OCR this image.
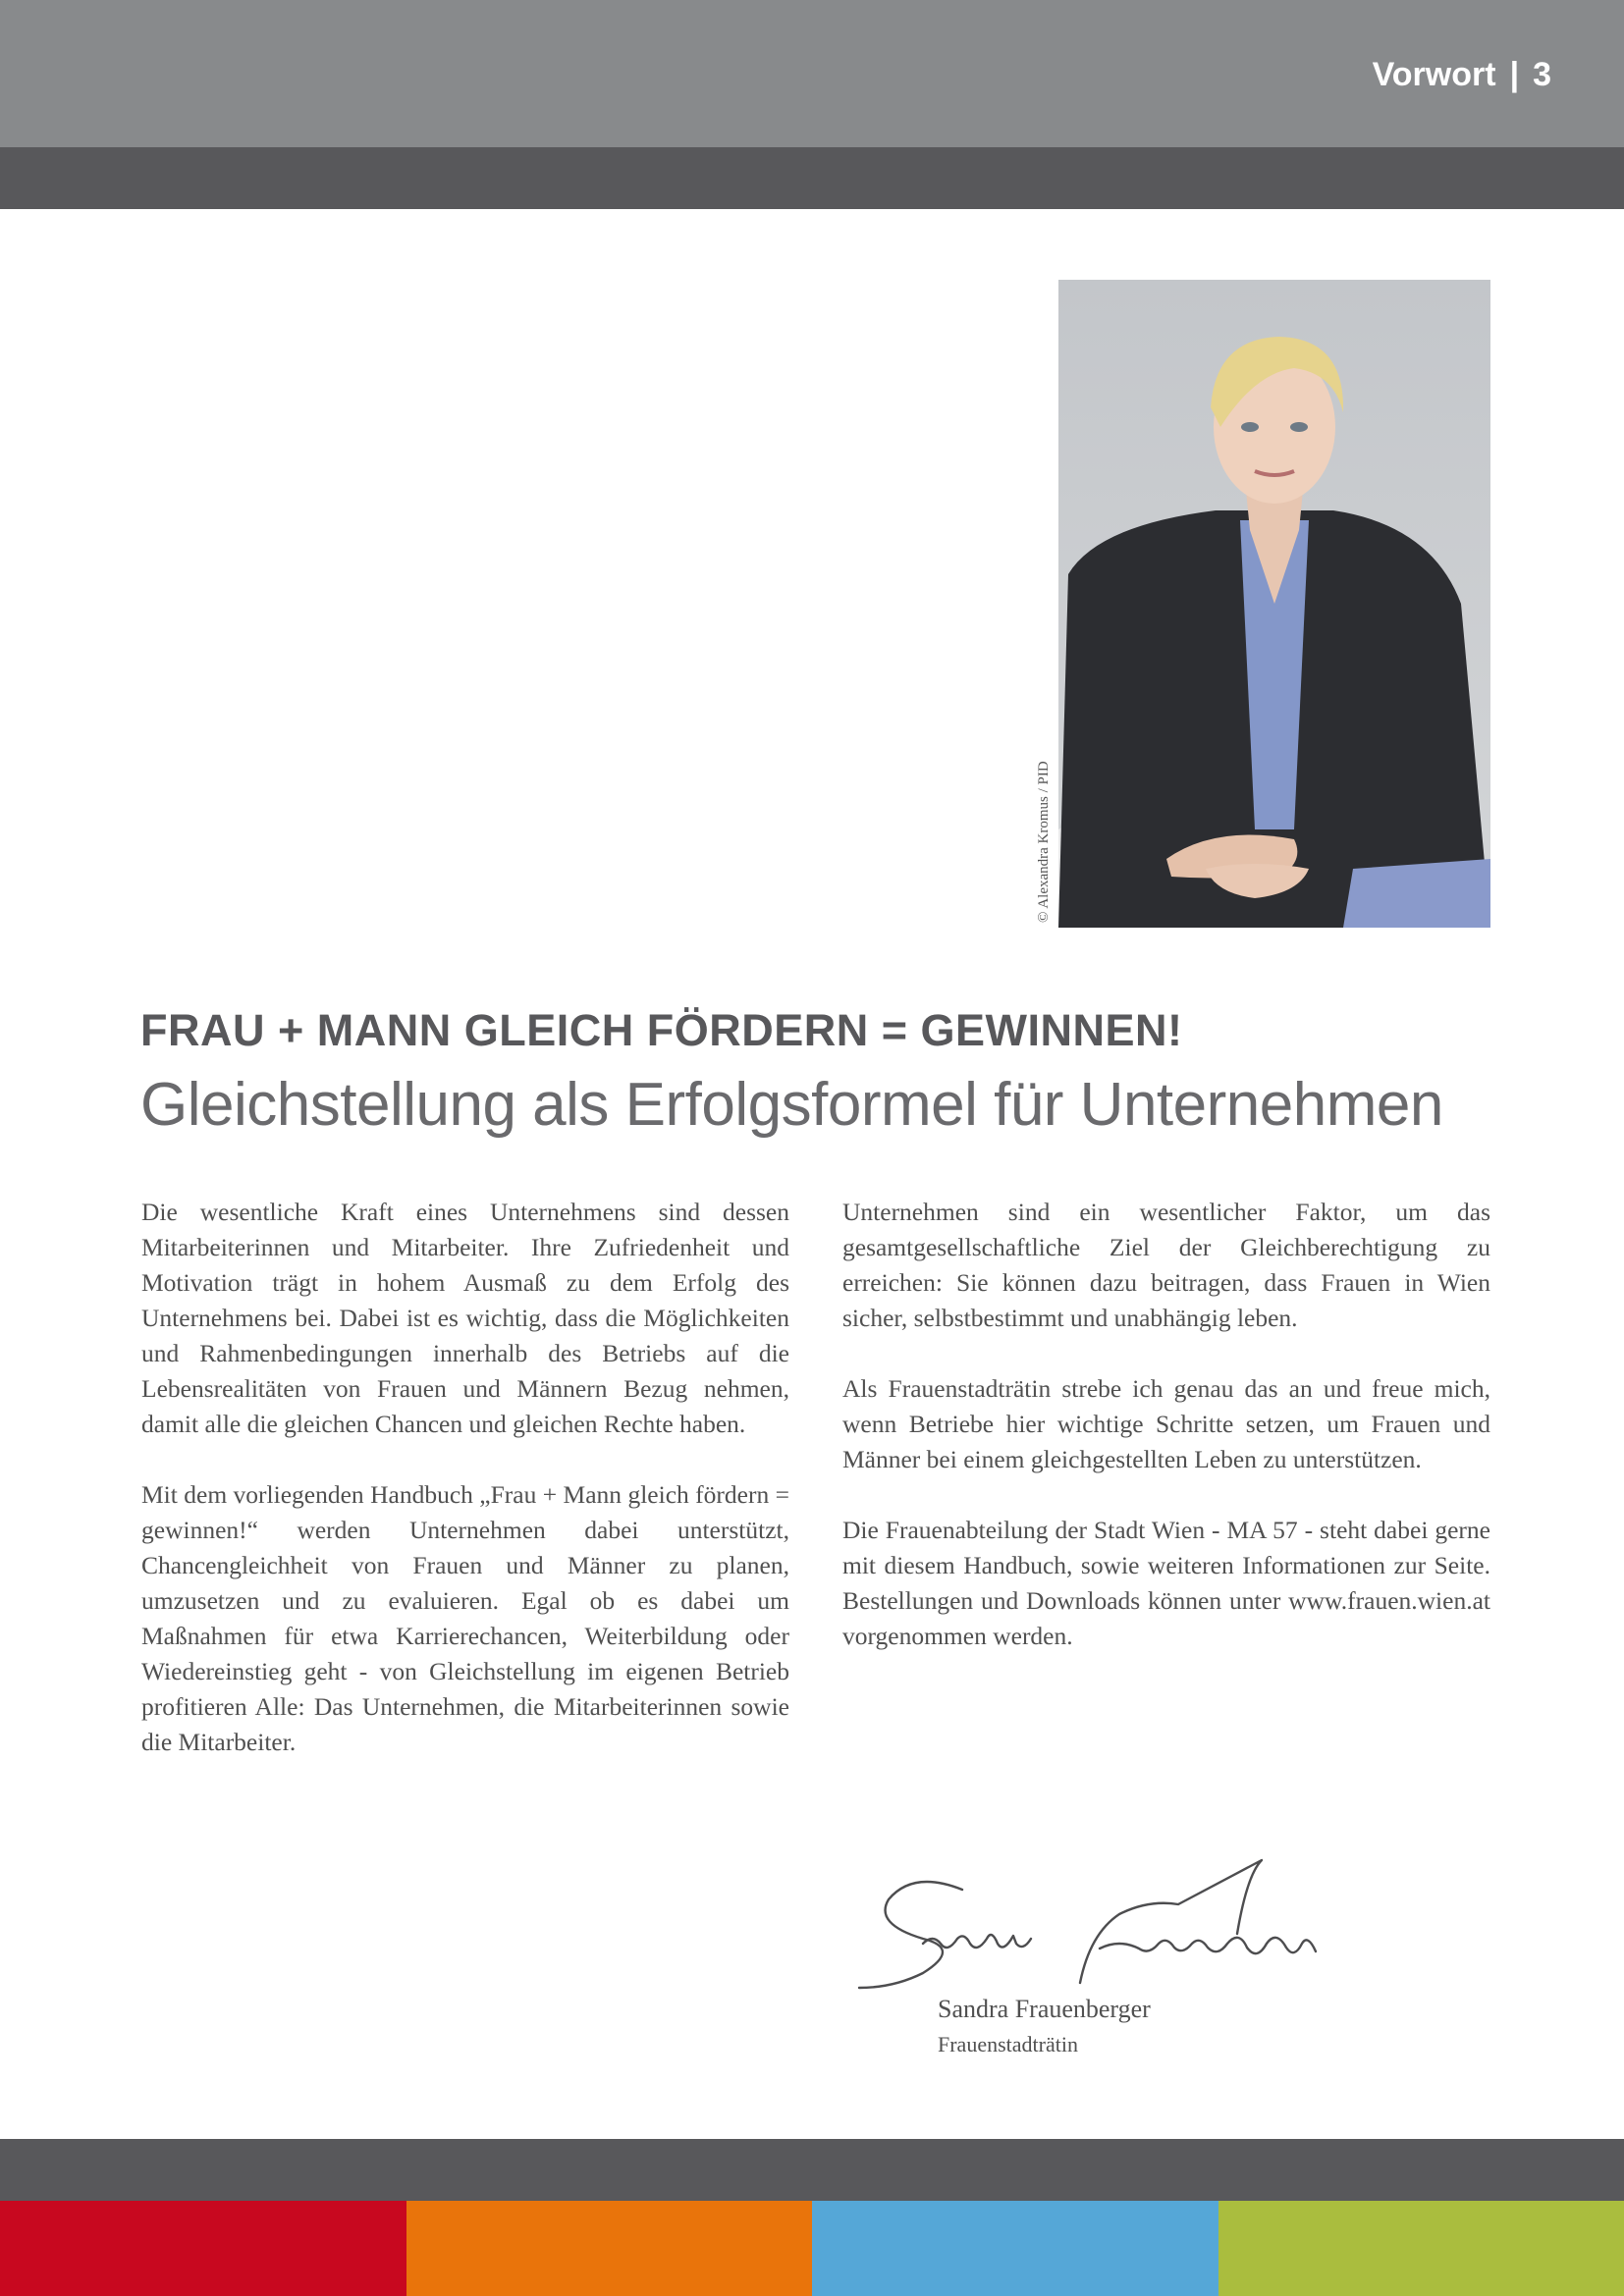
Vorwort | 3
© Alexandra Kromus / PID
FRAU + MANN GLEICH FÖRDERN = GEWINNEN!
Gleichstellung als Erfolgsformel für Unternehmen

Die wesentliche Kraft eines Unternehmens sind dessen Mitarbeiterinnen und Mitarbeiter. Ihre Zufriedenheit und Motivation trägt in hohem Ausmaß zu dem Erfolg des Unternehmens bei. Dabei ist es wichtig, dass die Möglichkeiten und Rahmenbedingungen innerhalb des Betriebs auf die Lebensrealitäten von Frauen und Männern Bezug nehmen, damit alle die gleichen Chancen und gleichen Rechte haben.

Mit dem vorliegenden Handbuch „Frau + Mann gleich fördern = gewinnen!“ werden Unternehmen dabei unterstützt, Chancengleichheit von Frauen und Männer zu planen, umzusetzen und zu evaluieren. Egal ob es dabei um Maßnahmen für etwa Karrierechancen, Weiterbildung oder Wiedereinstieg geht - von Gleichstellung im eigenen Betrieb profitieren Alle: Das Unternehmen, die Mitarbeiterinnen sowie die Mitarbeiter.

Unternehmen sind ein wesentlicher Faktor, um das gesamtgesellschaftliche Ziel der Gleichberechtigung zu erreichen: Sie können dazu beitragen, dass Frauen in Wien sicher, selbstbestimmt und unabhängig leben.

Als Frauenstadträtin strebe ich genau das an und freue mich, wenn Betriebe hier wichtige Schritte setzen, um Frauen und Männer bei einem gleichgestellten Leben zu unterstützen.

Die Frauenabteilung der Stadt Wien - MA 57 - steht dabei gerne mit diesem Handbuch, sowie weiteren Informationen zur Seite. Bestellungen und Downloads können unter www.frauen.wien.at vorgenommen werden.

Sandra Frauenberger
Frauenstadträtin
